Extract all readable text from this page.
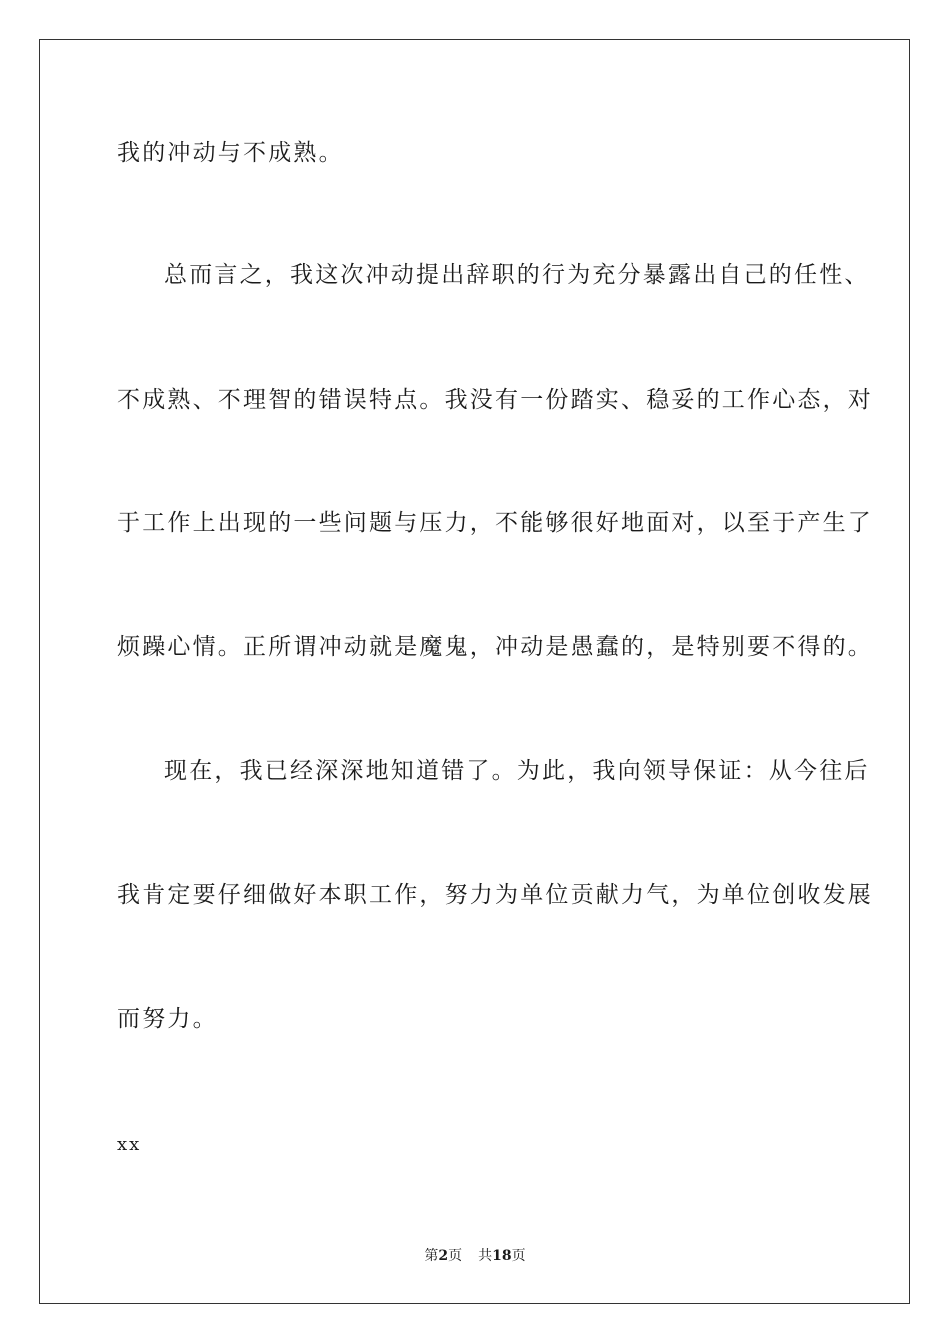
我的冲动与不成熟。
总而言之，我这次冲动提出辞职的行为充分暴露出自己的任性、
不成熟、不理智的错误特点。我没有一份踏实、稳妥的工作心态，对
于工作上出现的一些问题与压力，不能够很好地面对，以至于产生了
烦躁心情。正所谓冲动就是魔鬼，冲动是愚蠢的，是特别要不得的。
现在，我已经深深地知道错了。为此，我向领导保证：从今往后
我肯定要仔细做好本职工作，努力为单位贡献力气，为单位创收发展
而努力。
xx
第2页 共18页
